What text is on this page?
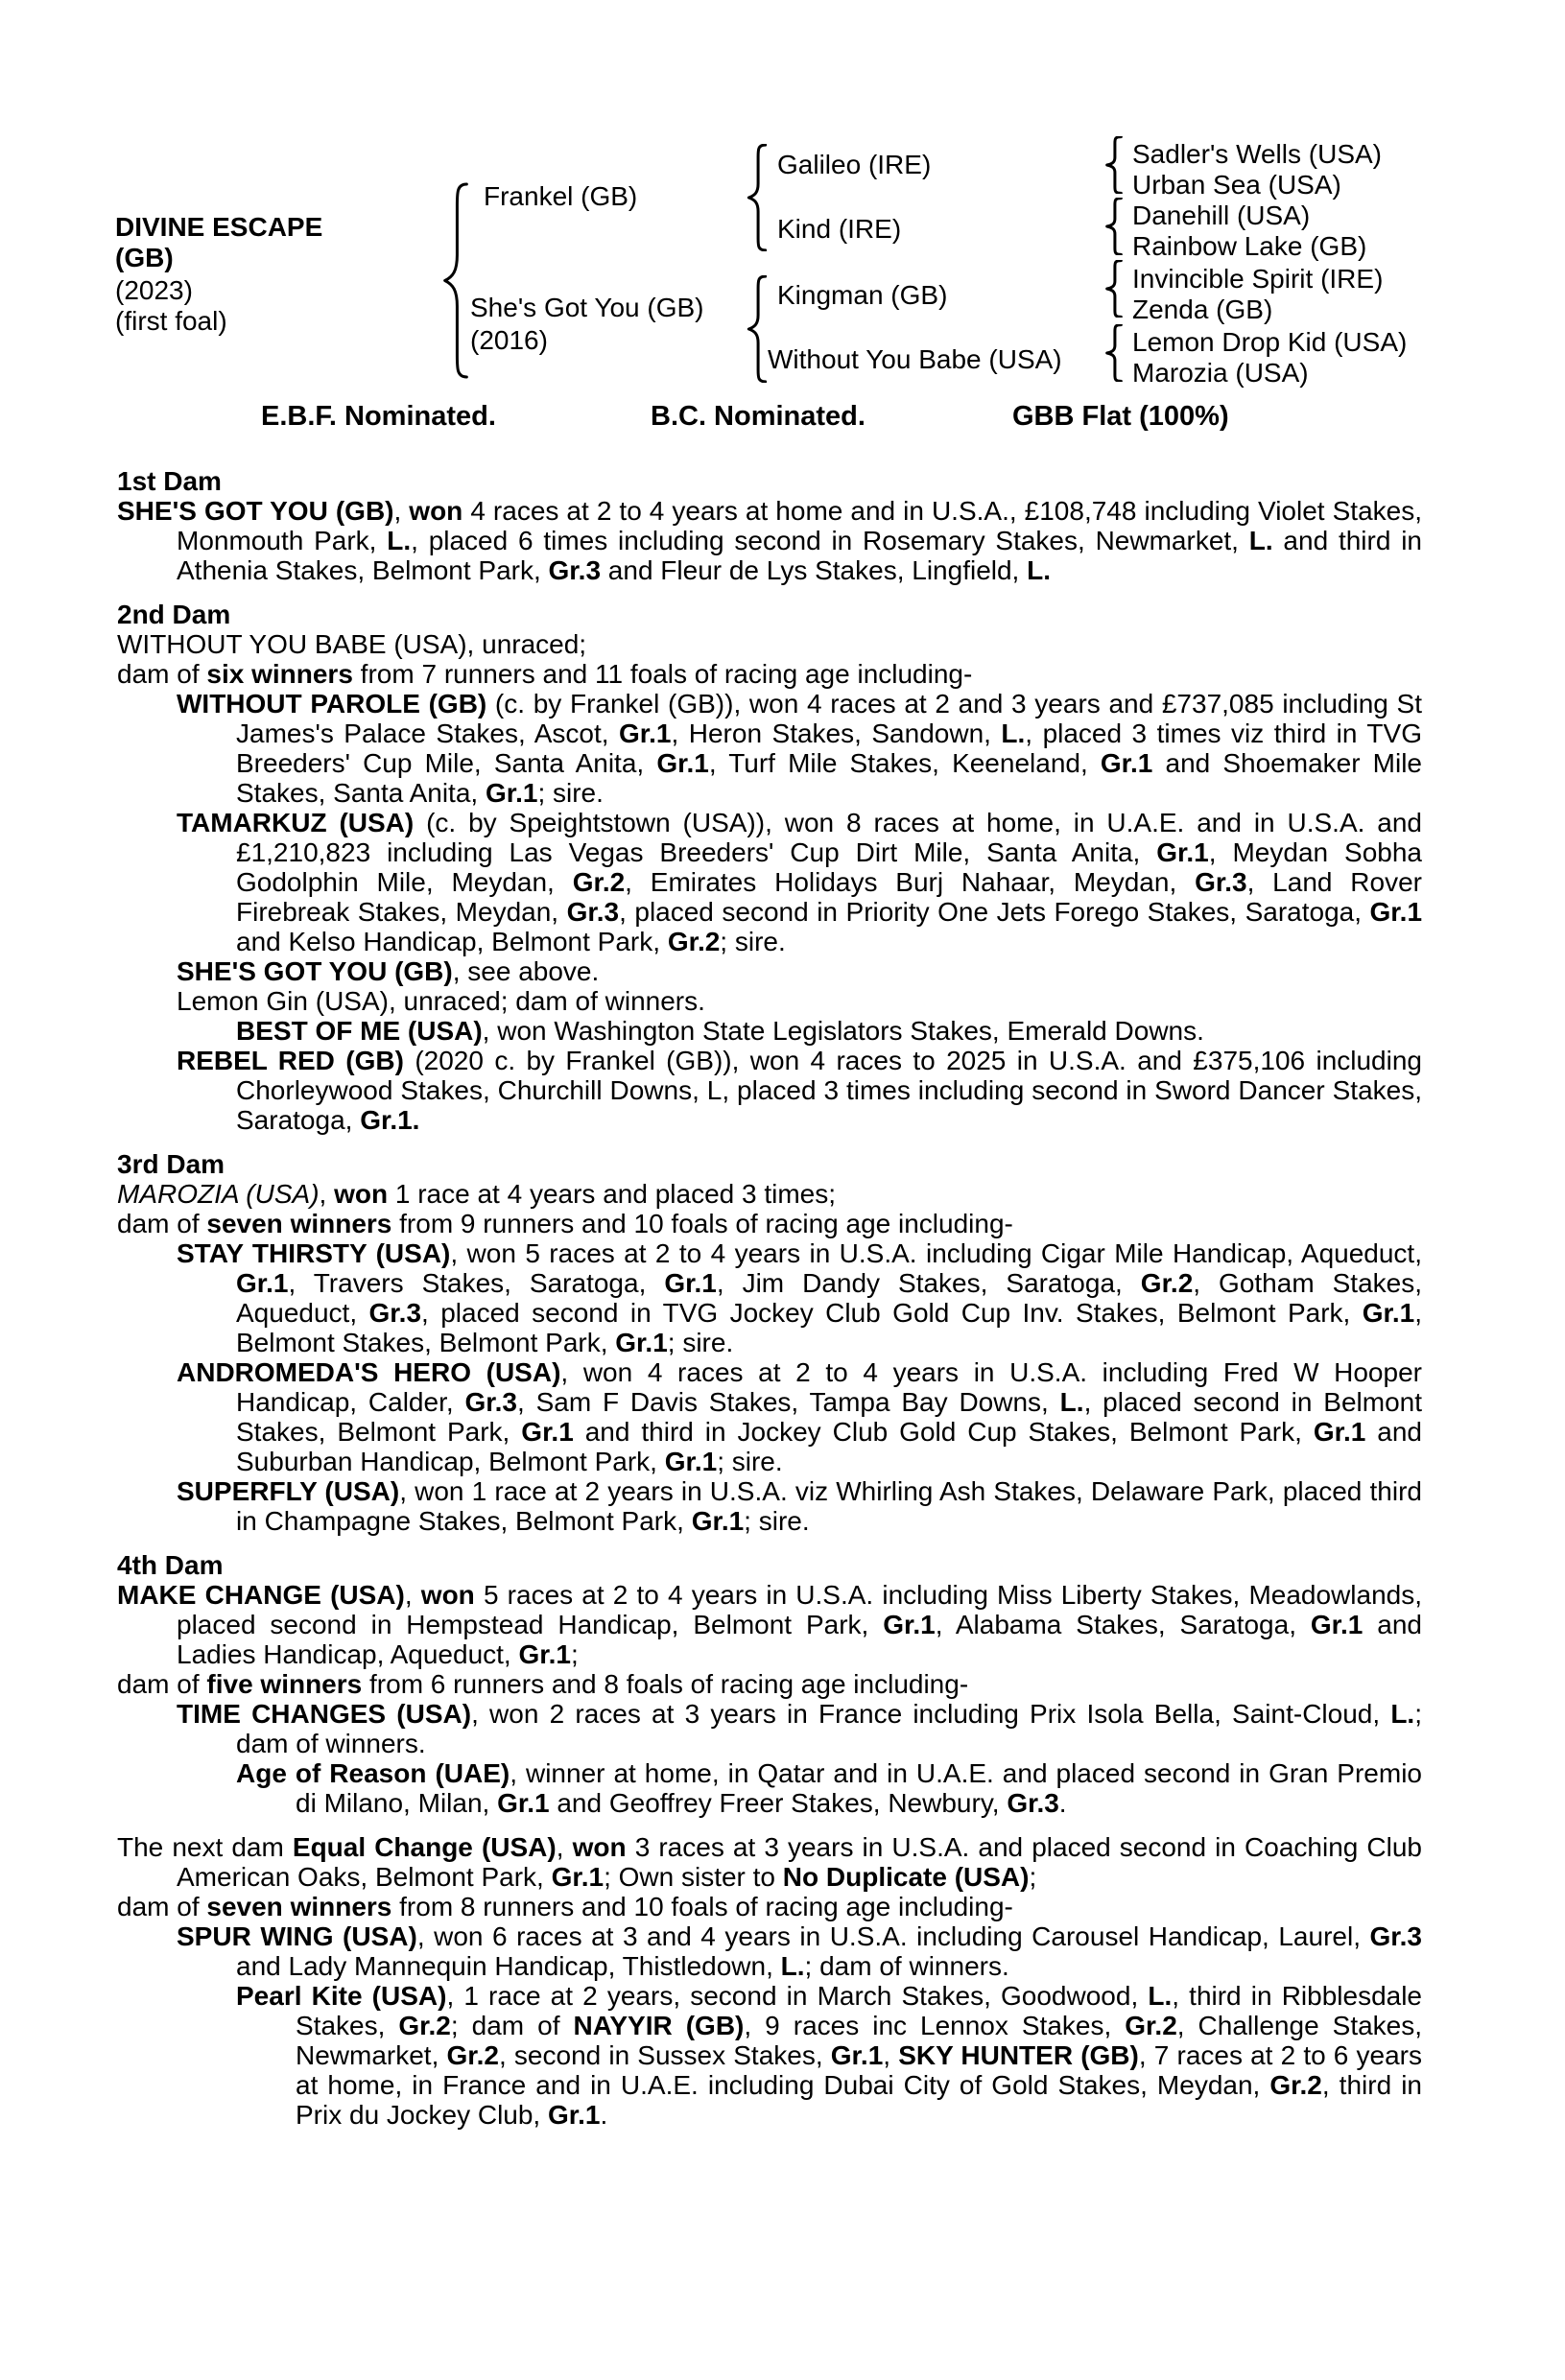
DIVINE ESCAPE
(GB)
(2023)
(first foal)
Frankel (GB)
She's Got You (GB)
(2016)
Galileo (IRE)
Kind (IRE)
Kingman (GB)
Without You Babe (USA)
Sadler's Wells (USA)
Urban Sea (USA)
Danehill (USA)
Rainbow Lake (GB)
Invincible Spirit (IRE)
Zenda (GB)
Lemon Drop Kid (USA)
Marozia (USA)
E.B.F. Nominated.	B.C. Nominated.	GBB Flat (100%)
1st Dam

SHE'S GOT YOU (GB), won 4 races at 2 to 4 years at home and in U.S.A., £108,748 including Violet Stakes, Monmouth Park, L., placed 6 times including second in Rosemary Stakes, Newmarket, L. and third in Athenia Stakes, Belmont Park, Gr.3 and Fleur de Lys Stakes, Lingfield, L.

2nd Dam

WITHOUT YOU BABE (USA), unraced;

dam of six winners from 7 runners and 11 foals of racing age including-

WITHOUT PAROLE (GB) (c. by Frankel (GB)), won 4 races at 2 and 3 years and £737,085 including St James's Palace Stakes, Ascot, Gr.1, Heron Stakes, Sandown, L., placed 3 times viz third in TVG Breeders' Cup Mile, Santa Anita, Gr.1, Turf Mile Stakes, Keeneland, Gr.1 and Shoemaker Mile Stakes, Santa Anita, Gr.1; sire.

TAMARKUZ (USA) (c. by Speightstown (USA)), won 8 races at home, in U.A.E. and in U.S.A. and £1,210,823 including Las Vegas Breeders' Cup Dirt Mile, Santa Anita, Gr.1, Meydan Sobha Godolphin Mile, Meydan, Gr.2, Emirates Holidays Burj Nahaar, Meydan, Gr.3, Land Rover Firebreak Stakes, Meydan, Gr.3, placed second in Priority One Jets Forego Stakes, Saratoga, Gr.1 and Kelso Handicap, Belmont Park, Gr.2; sire.

SHE'S GOT YOU (GB), see above.

Lemon Gin (USA), unraced; dam of winners.

BEST OF ME (USA), won Washington State Legislators Stakes, Emerald Downs.

REBEL RED (GB) (2020 c. by Frankel (GB)), won 4 races to 2025 in U.S.A. and £375,106 including Chorleywood Stakes, Churchill Downs, L, placed 3 times including second in Sword Dancer Stakes, Saratoga, Gr.1.

3rd Dam

MAROZIA (USA), won 1 race at 4 years and placed 3 times;

dam of seven winners from 9 runners and 10 foals of racing age including-

STAY THIRSTY (USA), won 5 races at 2 to 4 years in U.S.A. including Cigar Mile Handicap, Aqueduct, Gr.1, Travers Stakes, Saratoga, Gr.1, Jim Dandy Stakes, Saratoga, Gr.2, Gotham Stakes, Aqueduct, Gr.3, placed second in TVG Jockey Club Gold Cup Inv. Stakes, Belmont Park, Gr.1, Belmont Stakes, Belmont Park, Gr.1; sire.

ANDROMEDA'S HERO (USA), won 4 races at 2 to 4 years in U.S.A. including Fred W Hooper Handicap, Calder, Gr.3, Sam F Davis Stakes, Tampa Bay Downs, L., placed second in Belmont Stakes, Belmont Park, Gr.1 and third in Jockey Club Gold Cup Stakes, Belmont Park, Gr.1 and Suburban Handicap, Belmont Park, Gr.1; sire.

SUPERFLY (USA), won 1 race at 2 years in U.S.A. viz Whirling Ash Stakes, Delaware Park, placed third in Champagne Stakes, Belmont Park, Gr.1; sire.

4th Dam

MAKE CHANGE (USA), won 5 races at 2 to 4 years in U.S.A. including Miss Liberty Stakes, Meadowlands, placed second in Hempstead Handicap, Belmont Park, Gr.1, Alabama Stakes, Saratoga, Gr.1 and Ladies Handicap, Aqueduct, Gr.1;

dam of five winners from 6 runners and 8 foals of racing age including-

TIME CHANGES (USA), won 2 races at 3 years in France including Prix Isola Bella, Saint-Cloud, L.; dam of winners.

Age of Reason (UAE), winner at home, in Qatar and in U.A.E. and placed second in Gran Premio di Milano, Milan, Gr.1 and Geoffrey Freer Stakes, Newbury, Gr.3.

The next dam Equal Change (USA), won 3 races at 3 years in U.S.A. and placed second in Coaching Club American Oaks, Belmont Park, Gr.1; Own sister to No Duplicate (USA);

dam of seven winners from 8 runners and 10 foals of racing age including-

SPUR WING (USA), won 6 races at 3 and 4 years in U.S.A. including Carousel Handicap, Laurel, Gr.3 and Lady Mannequin Handicap, Thistledown, L.; dam of winners.

Pearl Kite (USA), 1 race at 2 years, second in March Stakes, Goodwood, L., third in Ribblesdale Stakes, Gr.2; dam of NAYYIR (GB), 9 races inc Lennox Stakes, Gr.2, Challenge Stakes, Newmarket, Gr.2, second in Sussex Stakes, Gr.1, SKY HUNTER (GB), 7 races at 2 to 6 years at home, in France and in U.A.E. including Dubai City of Gold Stakes, Meydan, Gr.2, third in Prix du Jockey Club, Gr.1.
